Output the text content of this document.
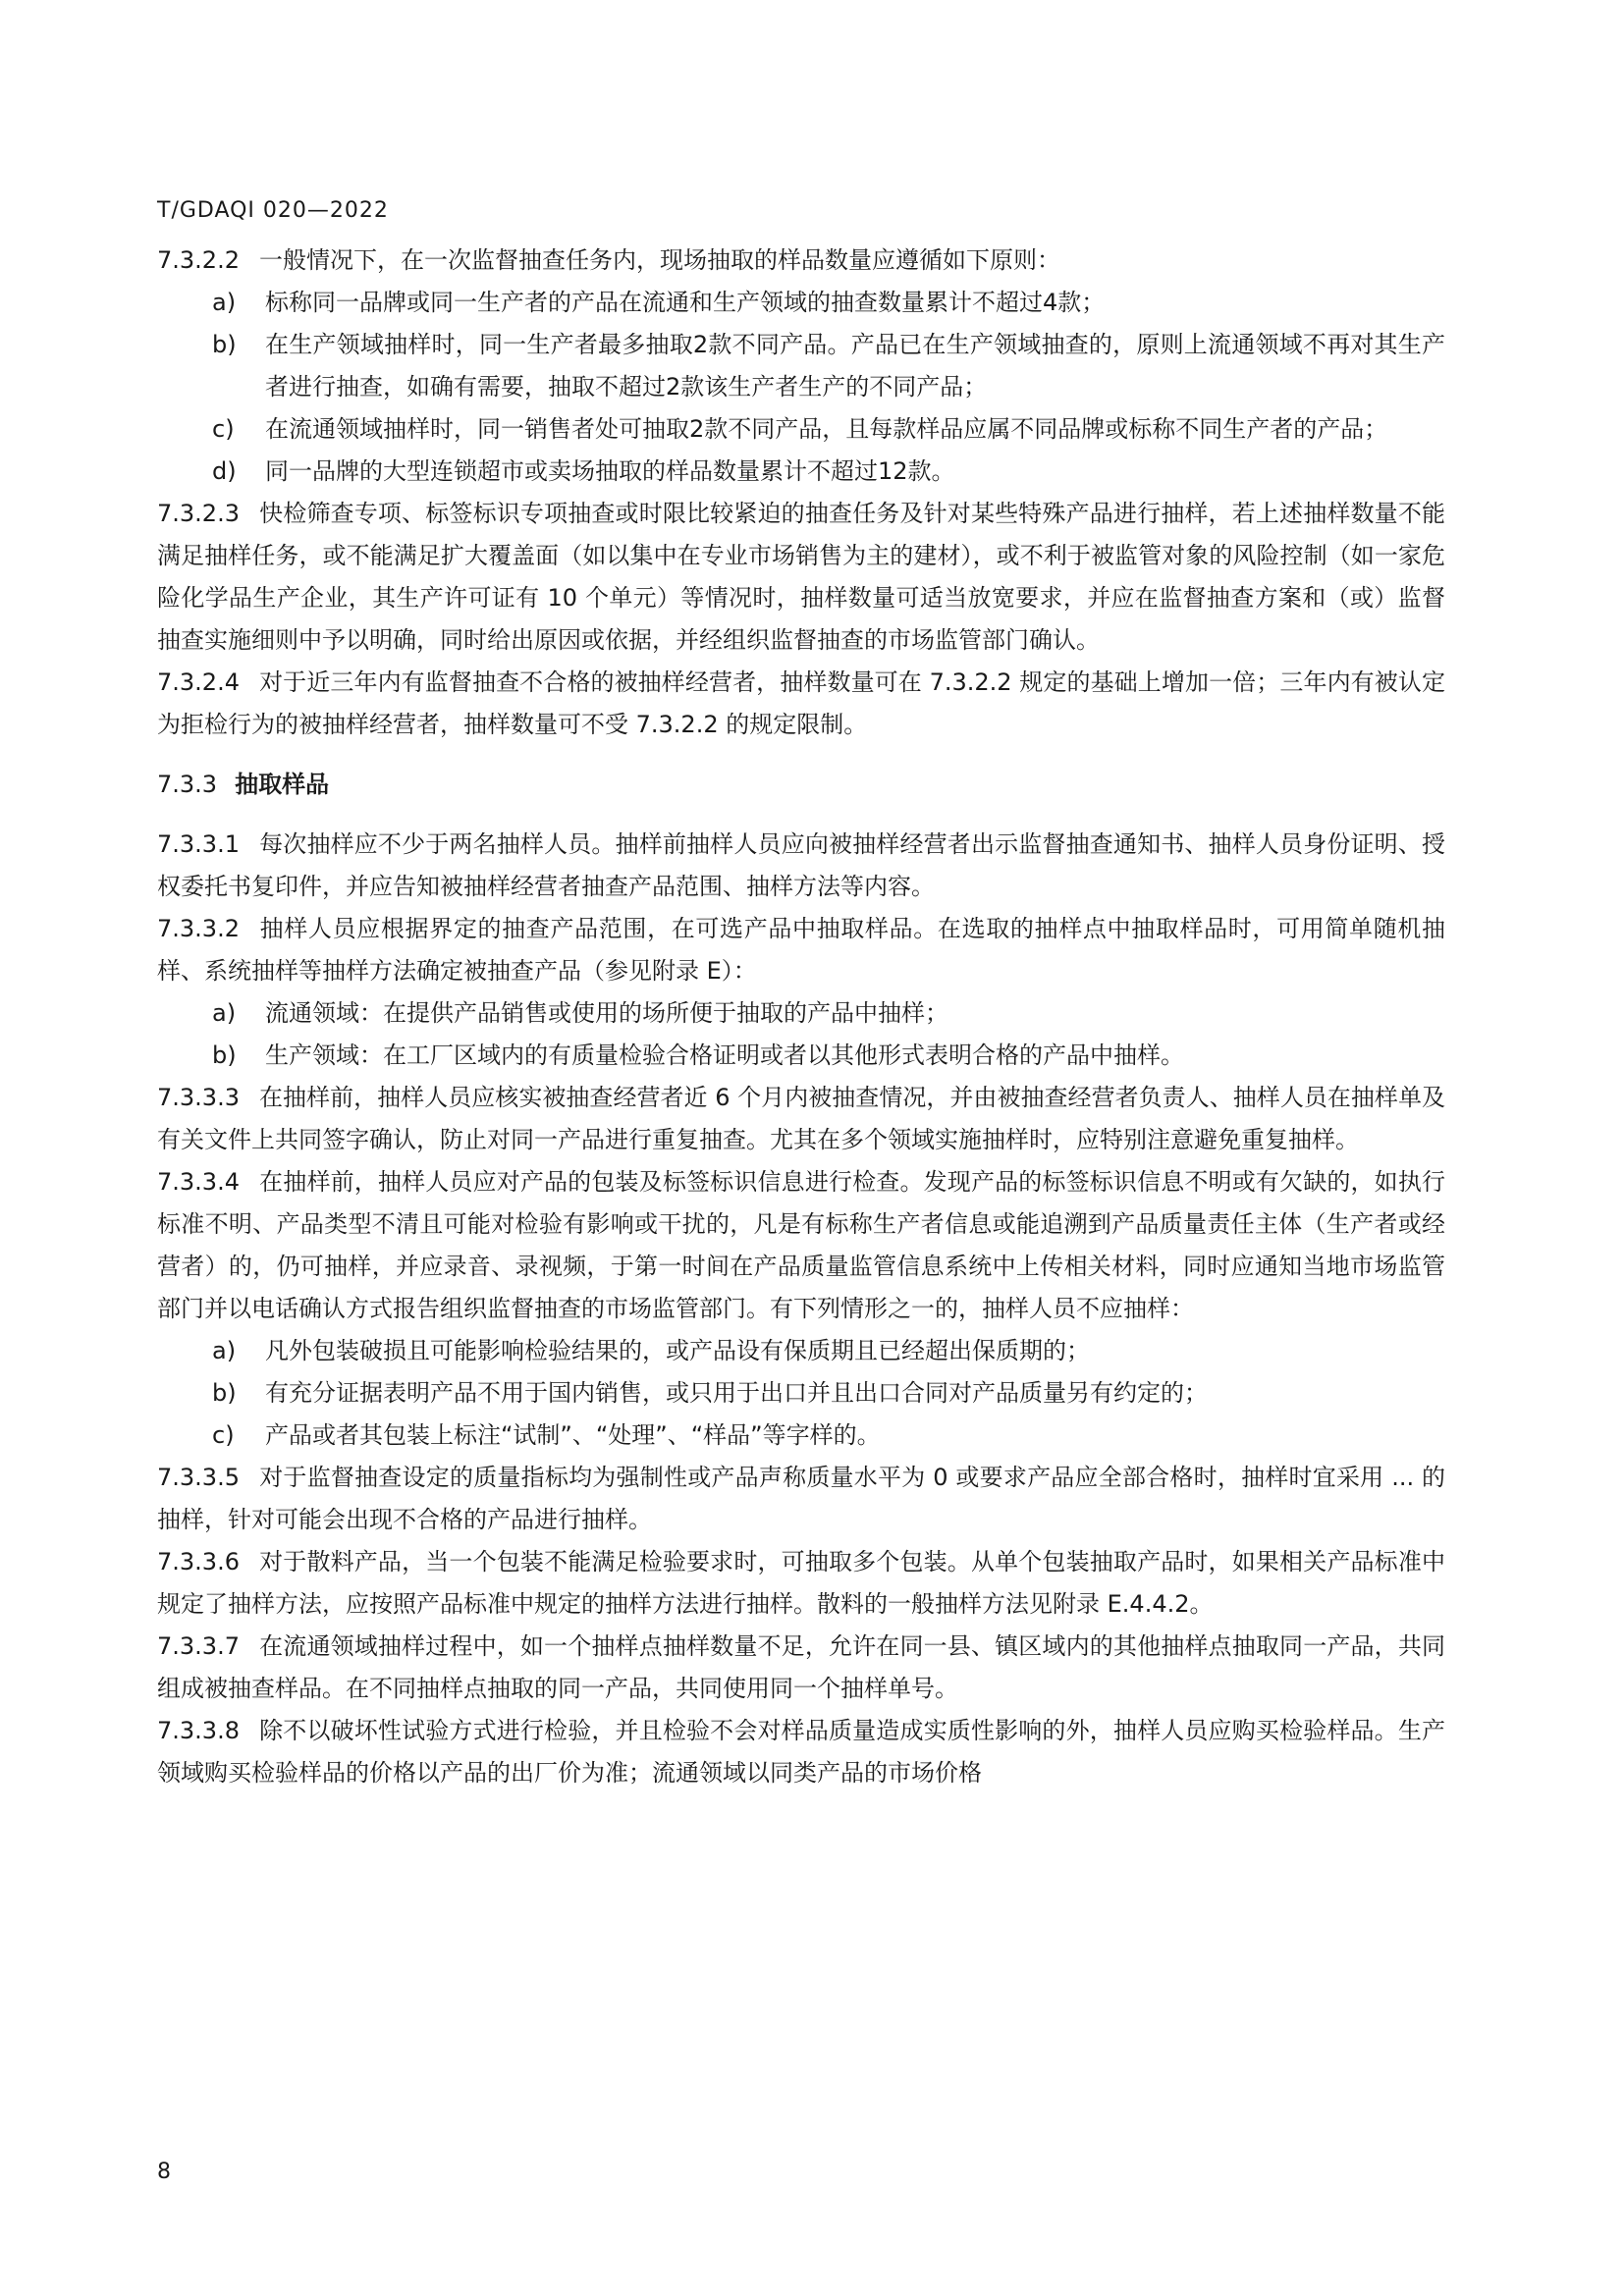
T/GDAQI 020—2022

7.3.2.2 一般情况下，在一次监督抽查任务内，现场抽取的样品数量应遵循如下原则：

a)	标称同一品牌或同一生产者的产品在流通和生产领域的抽查数量累计不超过4款；
b)	在生产领域抽样时，同一生产者最多抽取2款不同产品。产品已在生产领域抽查的，原则上流通领域不再对其生产者进行抽查，如确有需要，抽取不超过2款该生产者生产的不同产品；
c)	在流通领域抽样时，同一销售者处可抽取2款不同产品，且每款样品应属不同品牌或标称不同生产者的产品；
d)	同一品牌的大型连锁超市或卖场抽取的样品数量累计不超过12款。

7.3.2.3 快检筛查专项、标签标识专项抽查或时限比较紧迫的抽查任务及针对某些特殊产品进行抽样，若上述抽样数量不能满足抽样任务，或不能满足扩大覆盖面（如以集中在专业市场销售为主的建材），或不利于被监管对象的风险控制（如一家危险化学品生产企业，其生产许可证有 10 个单元）等情况时，抽样数量可适当放宽要求，并应在监督抽查方案和（或）监督抽查实施细则中予以明确，同时给出原因或依据，并经组织监督抽查的市场监管部门确认。

7.3.2.4 对于近三年内有监督抽查不合格的被抽样经营者，抽样数量可在 7.3.2.2 规定的基础上增加一倍；三年内有被认定为拒检行为的被抽样经营者，抽样数量可不受 7.3.2.2 的规定限制。

7.3.3 抽取样品

7.3.3.1 每次抽样应不少于两名抽样人员。抽样前抽样人员应向被抽样经营者出示监督抽查通知书、抽样人员身份证明、授权委托书复印件，并应告知被抽样经营者抽查产品范围、抽样方法等内容。

7.3.3.2 抽样人员应根据界定的抽查产品范围，在可选产品中抽取样品。在选取的抽样点中抽取样品时，可用简单随机抽样、系统抽样等抽样方法确定被抽查产品（参见附录 E）：

a)	流通领域：在提供产品销售或使用的场所便于抽取的产品中抽样；
b)	生产领域：在工厂区域内的有质量检验合格证明或者以其他形式表明合格的产品中抽样。

7.3.3.3 在抽样前，抽样人员应核实被抽查经营者近 6 个月内被抽查情况，并由被抽查经营者负责人、抽样人员在抽样单及有关文件上共同签字确认，防止对同一产品进行重复抽查。尤其在多个领域实施抽样时，应特别注意避免重复抽样。

7.3.3.4 在抽样前，抽样人员应对产品的包装及标签标识信息进行检查。发现产品的标签标识信息不明或有欠缺的，如执行标准不明、产品类型不清且可能对检验有影响或干扰的，凡是有标称生产者信息或能追溯到产品质量责任主体（生产者或经营者）的，仍可抽样，并应录音、录视频，于第一时间在产品质量监管信息系统中上传相关材料，同时应通知当地市场监管部门并以电话确认方式报告组织监督抽查的市场监管部门。有下列情形之一的，抽样人员不应抽样：

a)	凡外包装破损且可能影响检验结果的，或产品设有保质期且已经超出保质期的；
b)	有充分证据表明产品不用于国内销售，或只用于出口并且出口合同对产品质量另有约定的；
c)	产品或者其包装上标注“试制”、“处理”、“样品”等字样的。

7.3.3.5 对于监督抽查设定的质量指标均为强制性或产品声称质量水平为 0 或要求产品应全部合格时，抽样时宜采用 ... 的抽样，针对可能会出现不合格的产品进行抽样。

7.3.3.6 对于散料产品，当一个包装不能满足检验要求时，可抽取多个包装。从单个包装抽取产品时，如果相关产品标准中规定了抽样方法，应按照产品标准中规定的抽样方法进行抽样。散料的一般抽样方法见附录 E.4.4.2。

7.3.3.7 在流通领域抽样过程中，如一个抽样点抽样数量不足，允许在同一县、镇区域内的其他抽样点抽取同一产品，共同组成被抽查样品。在不同抽样点抽取的同一产品，共同使用同一个抽样单号。

7.3.3.8 除不以破坏性试验方式进行检验，并且检验不会对样品质量造成实质性影响的外，抽样人员应购买检验样品。生产领域购买检验样品的价格以产品的出厂价为准；流通领域以同类产品的市场价格

8
